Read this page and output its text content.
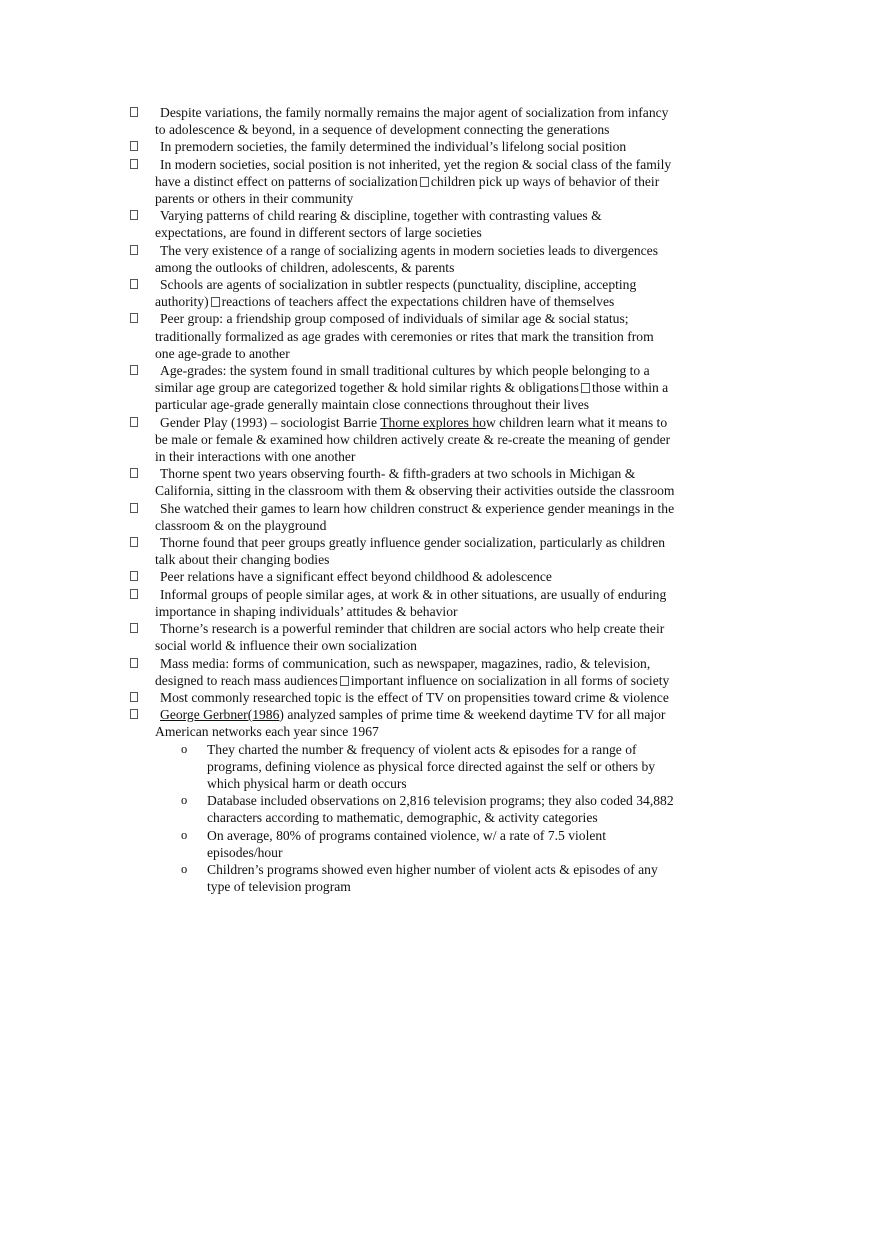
Despite variations, the family normally remains the major agent of socialization from infancy to adolescence & beyond, in a sequence of development connecting the generations
In premodern societies, the family determined the individual’s lifelong social position
In modern societies, social position is not inherited, yet the region & social class of the family have a distinct effect on patterns of socialization children pick up ways of behavior of their parents or others in their community
Varying patterns of child rearing & discipline, together with contrasting values & expectations, are found in different sectors of large societies
The very existence of a range of socializing agents in modern societies leads to divergences among the outlooks of children, adolescents, & parents
Schools are agents of socialization in subtler respects (punctuality, discipline, accepting authority) reactions of teachers affect the expectations children have of themselves
Peer group: a friendship group composed of individuals of similar age & social status; traditionally formalized as age grades with ceremonies or rites that mark the transition from one age-grade to another
Age-grades: the system found in small traditional cultures by which people belonging to a similar age group are categorized together & hold similar rights & obligations those within a particular age-grade generally maintain close connections throughout their lives
Gender Play (1993) – sociologist Barrie Thorne explores how children learn what it means to be male or female & examined how children actively create & re-create the meaning of gender in their interactions with one another
Thorne spent two years observing fourth- & fifth-graders at two schools in Michigan & California, sitting in the classroom with them & observing their activities outside the classroom
She watched their games to learn how children construct & experience gender meanings in the classroom & on the playground
Thorne found that peer groups greatly influence gender socialization, particularly as children talk about their changing bodies
Peer relations have a significant effect beyond childhood & adolescence
Informal groups of people similar ages, at work & in other situations, are usually of enduring importance in shaping individuals’ attitudes & behavior
Thorne’s research is a powerful reminder that children are social actors who help create their social world & influence their own socialization
Mass media: forms of communication, such as newspaper, magazines, radio, & television, designed to reach mass audiences important influence on socialization in all forms of society
Most commonly researched topic is the effect of TV on propensities toward crime & violence
George Gerbner(1986) analyzed samples of prime time & weekend daytime TV for all major American networks each year since 1967
o They charted the number & frequency of violent acts & episodes for a range of programs, defining violence as physical force directed against the self or others by which physical harm or death occurs
o Database included observations on 2,816 television programs; they also coded 34,882 characters according to mathematic, demographic, & activity categories
o On average, 80% of programs contained violence, w/ a rate of 7.5 violent episodes/hour
o Children’s programs showed even higher number of violent acts & episodes of any type of television program
